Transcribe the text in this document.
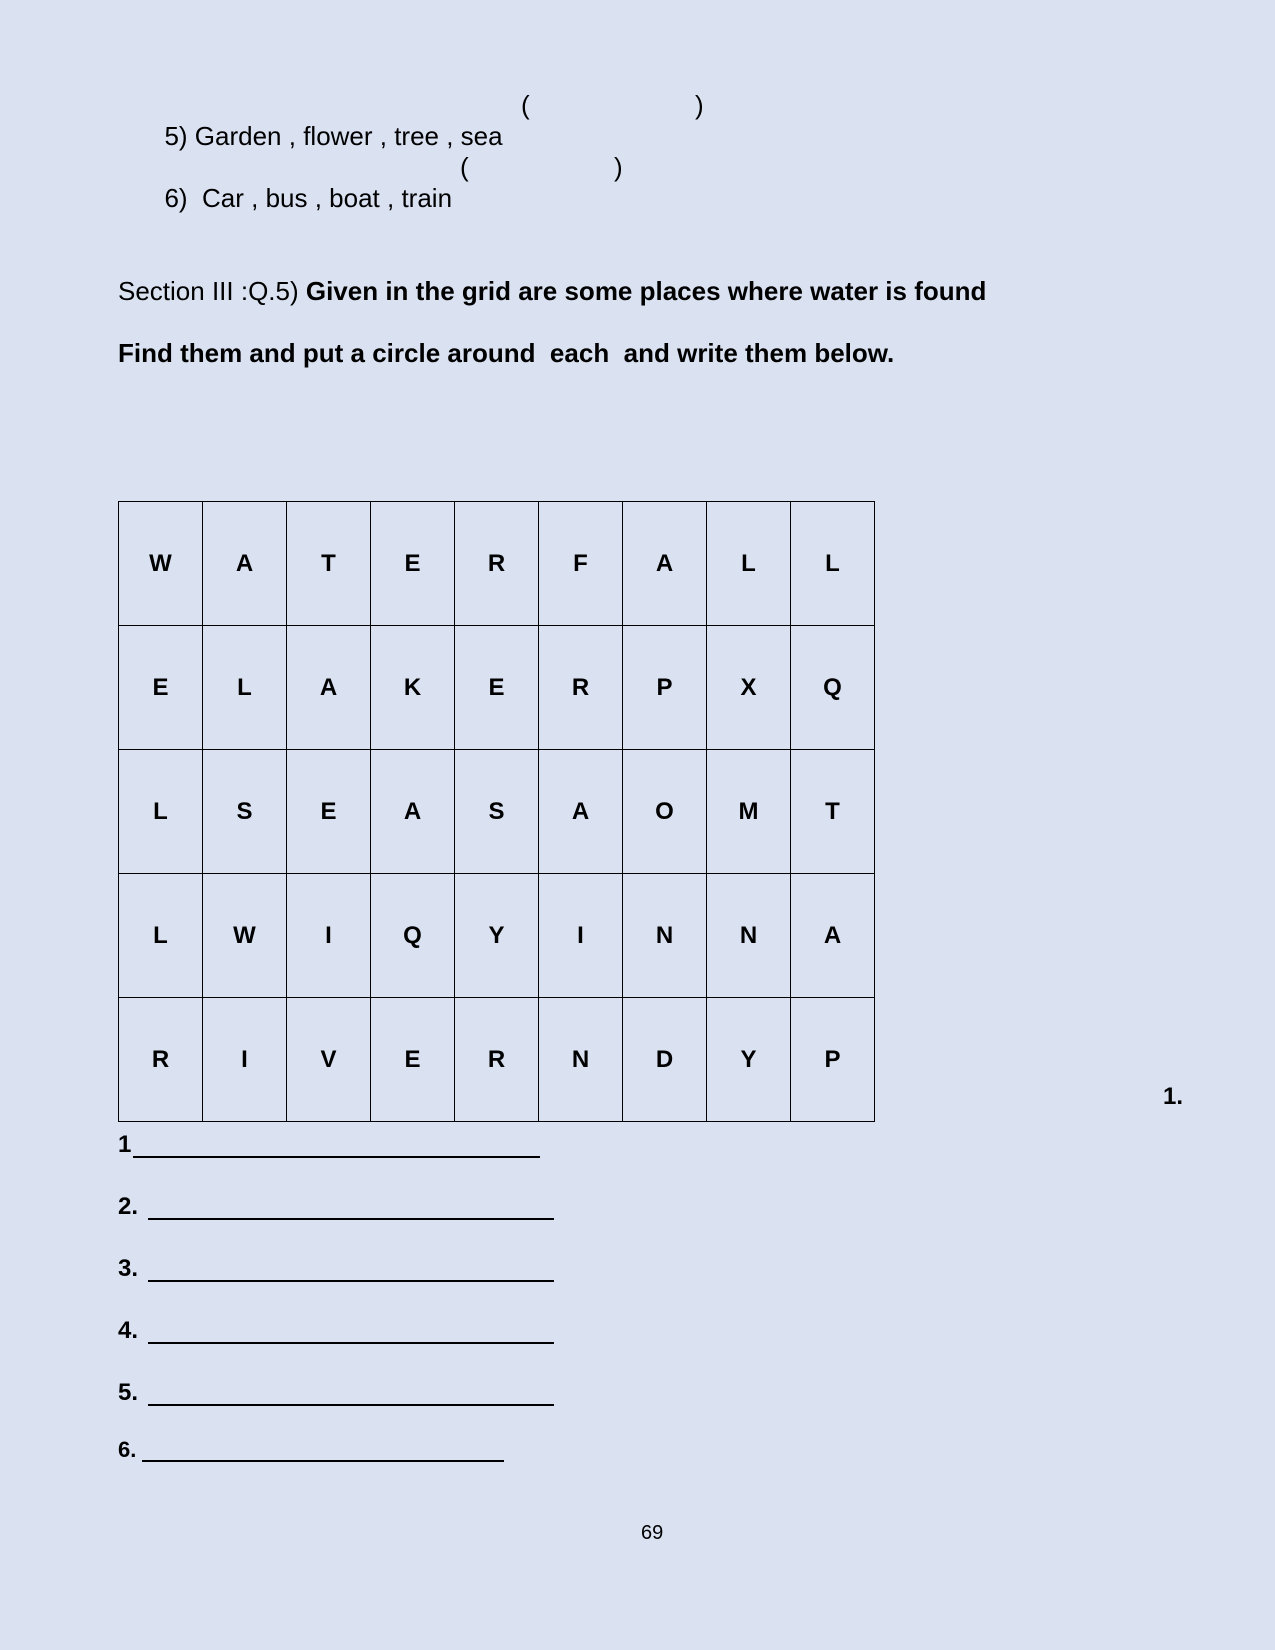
5) Garden , flower , tree , sea

(	)

6)  Car , bus , boat , train

(	)
Section III :Q.5) Given in the grid are some places where water is found
Find them and put a circle around  each  and write them below.
W	A	T	E	R	F	A	L	L
E	L	A	K	E	R	P	X	Q
L	S	E	A	S	A	O	M	T
L	W	I	Q	Y	I	N	N	A
R	I	V	E	R	N	D	Y	P
1.
1
2.
3.
4.
5.
6.
69
